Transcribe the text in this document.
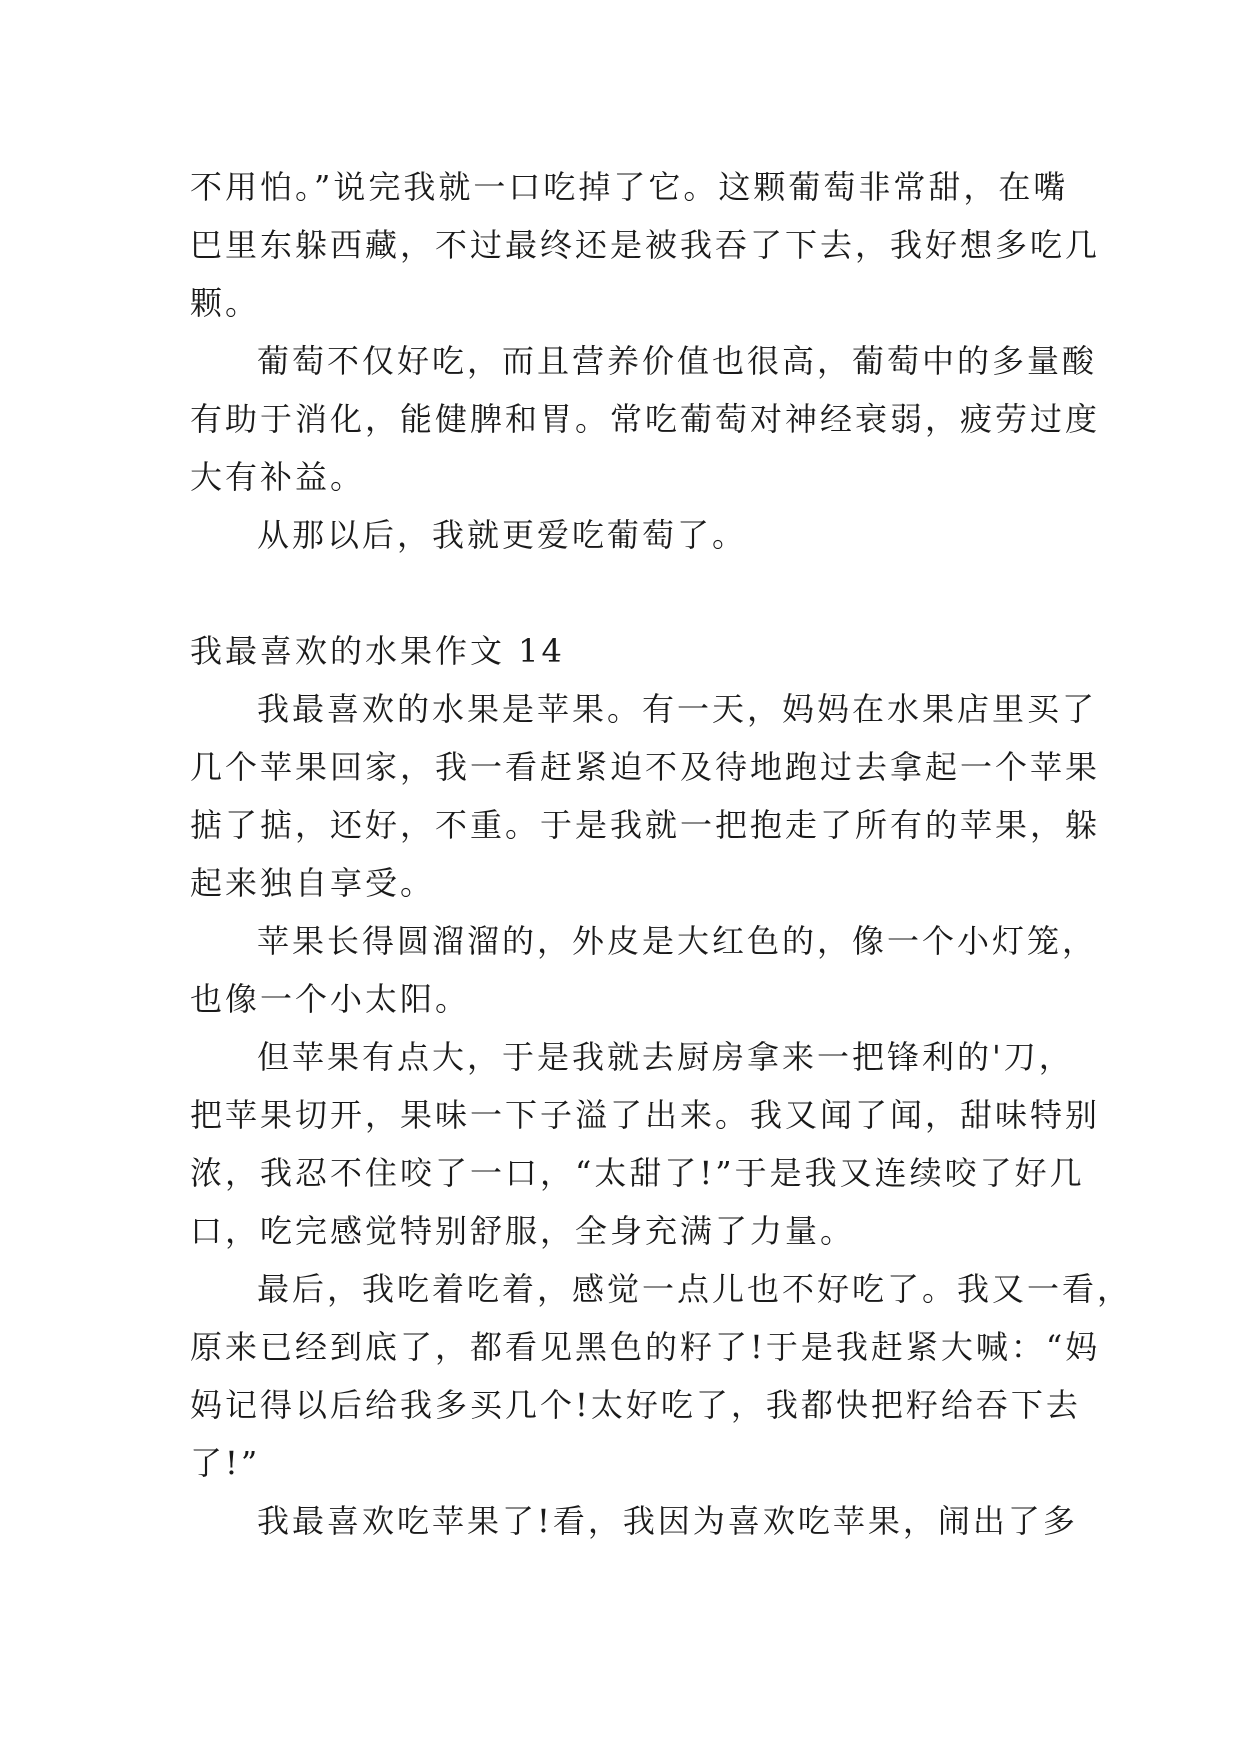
不用怕。”说完我就一口吃掉了它。这颗葡萄非常甜，在嘴
巴里东躲西藏，不过最终还是被我吞了下去，我好想多吃几
颗。
葡萄不仅好吃，而且营养价值也很高，葡萄中的多量酸
有助于消化，能健脾和胃。常吃葡萄对神经衰弱，疲劳过度
大有补益。
从那以后，我就更爱吃葡萄了。
我最喜欢的水果作文 14
我最喜欢的水果是苹果。有一天，妈妈在水果店里买了
几个苹果回家，我一看赶紧迫不及待地跑过去拿起一个苹果
掂了掂，还好，不重。于是我就一把抱走了所有的苹果，躲
起来独自享受。
苹果长得圆溜溜的，外皮是大红色的，像一个小灯笼，
也像一个小太阳。
但苹果有点大，于是我就去厨房拿来一把锋利的'刀，
把苹果切开，果味一下子溢了出来。我又闻了闻，甜味特别
浓，我忍不住咬了一口，“太甜了!”于是我又连续咬了好几
口，吃完感觉特别舒服，全身充满了力量。
最后，我吃着吃着，感觉一点儿也不好吃了。我又一看，
原来已经到底了，都看见黑色的籽了!于是我赶紧大喊：“妈
妈记得以后给我多买几个!太好吃了，我都快把籽给吞下去
了!”
我最喜欢吃苹果了!看，我因为喜欢吃苹果，闹出了多
